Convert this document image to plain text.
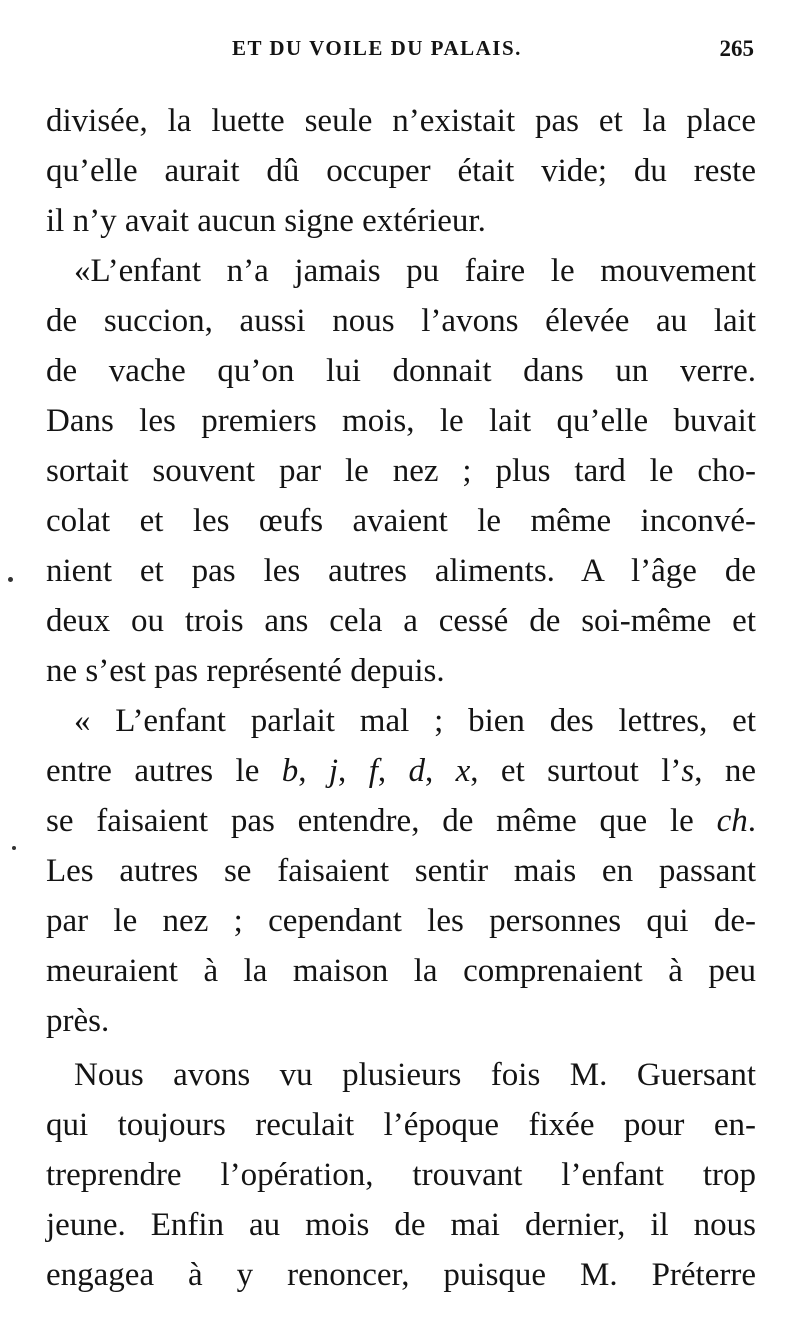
ET DU VOILE DU PALAIS.	265
divisée, la luette seule n’existait pas et la place
qu’elle aurait dû occuper était vide; du reste
il n’y avait aucun signe extérieur.
«L’enfant n’a jamais pu faire le mouvement
de succion, aussi nous l’avons élevée au lait
de vache qu’on lui donnait dans un verre.
Dans les premiers mois, le lait qu’elle buvait
sortait souvent par le nez ; plus tard le cho-
colat et les œufs avaient le même inconvé-
nient et pas les autres aliments. A l’âge de
deux ou trois ans cela a cessé de soi-même et
ne s’est pas représenté depuis.
« L’enfant parlait mal ; bien des lettres, et
entre autres le b, j, f, d, x, et surtout l’s, ne
se faisaient pas entendre, de même que le ch.
Les autres se faisaient sentir mais en passant
par le nez ; cependant les personnes qui de-
meuraient à la maison la comprenaient à peu
près.
Nous avons vu plusieurs fois M. Guersant
qui toujours reculait l’époque fixée pour en-
treprendre l’opération, trouvant l’enfant trop
jeune. Enfin au mois de mai dernier, il nous
engagea à y renoncer, puisque M. Préterre
